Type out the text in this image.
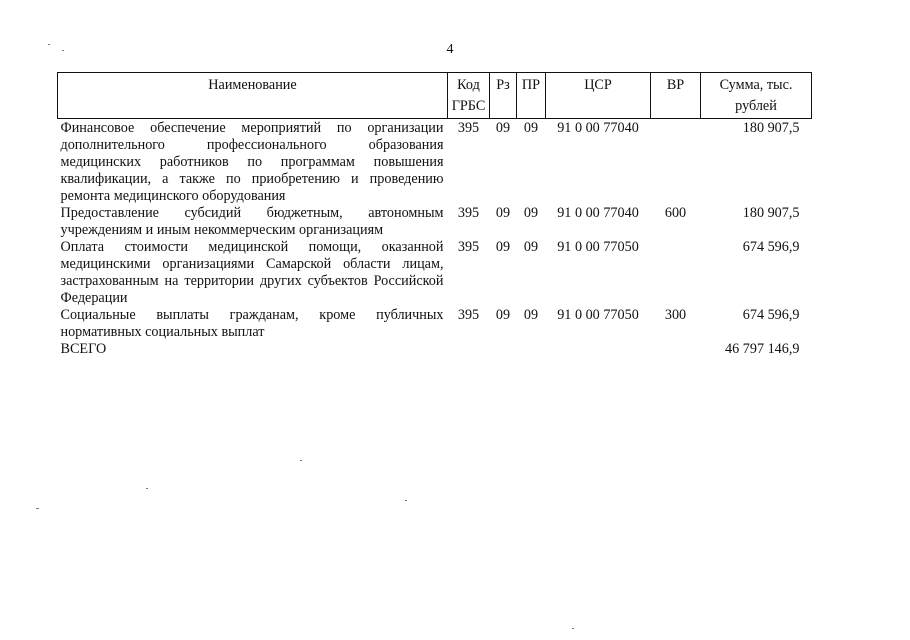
4
Наименование	Код ГРБС	Рз	ПР	ЦСР	ВР	Сумма, тыс. рублей
Финансовое обеспечение мероприятий по организации дополнительного профессионального образования медицинских работников по программам повышения квалификации, а также по приобретению и проведению ремонта медицинского оборудования	395	09	09	91 0 00 77040		180 907,5
Предоставление субсидий бюджетным, автономным учреждениям и иным некоммерческим организациям	395	09	09	91 0 00 77040	600	180 907,5
Оплата стоимости медицинской помощи, оказанной медицинскими организациями Самарской области лицам, застрахованным на территории других субъектов Российской Федерации	395	09	09	91 0 00 77050		674 596,9
Социальные выплаты гражданам, кроме публичных нормативных социальных выплат	395	09	09	91 0 00 77050	300	674 596,9
ВСЕГО						46 797 146,9
